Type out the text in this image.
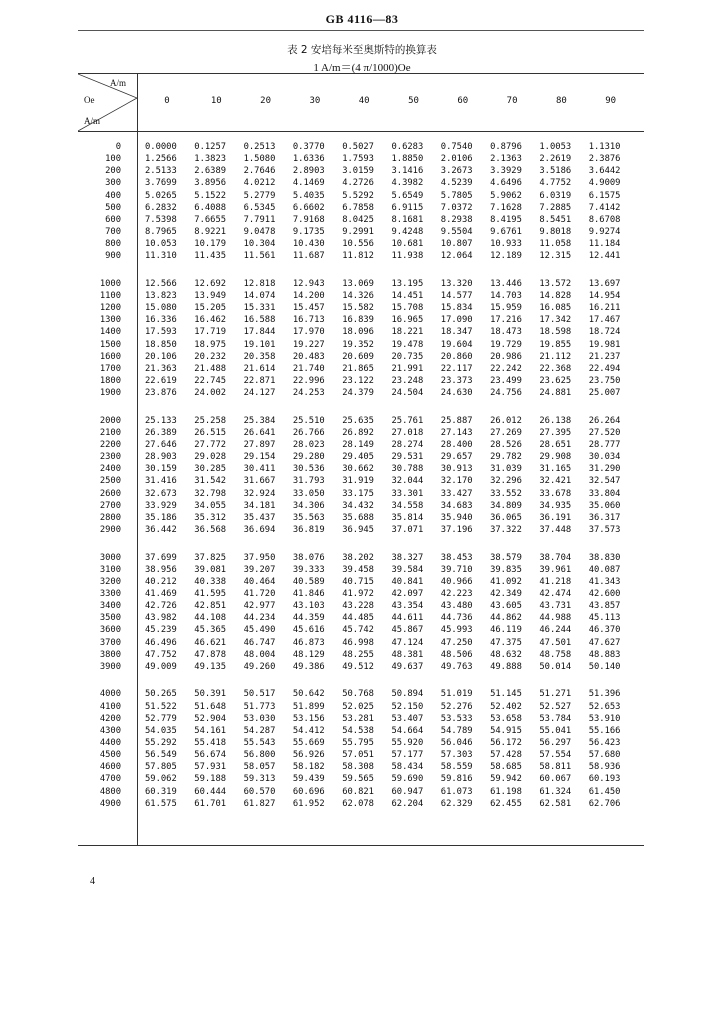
GB 4116—83
表 2 安培每米至奥斯特的换算表
1 A/m＝(4 π/1000)Oe
A/m
Oe
A/m
0	10	20	30	40	50	60	70	80	90
0	0.0000	0.1257	0.2513	0.3770	0.5027	0.6283	0.7540	0.8796	1.0053	1.1310
100	1.2566	1.3823	1.5080	1.6336	1.7593	1.8850	2.0106	2.1363	2.2619	2.3876
200	2.5133	2.6389	2.7646	2.8903	3.0159	3.1416	3.2673	3.3929	3.5186	3.6442
300	3.7699	3.8956	4.0212	4.1469	4.2726	4.3982	4.5239	4.6496	4.7752	4.9009
400	5.0265	5.1522	5.2779	5.4035	5.5292	5.6549	5.7805	5.9062	6.0319	6.1575
500	6.2832	6.4088	6.5345	6.6602	6.7858	6.9115	7.0372	7.1628	7.2885	7.4142
600	7.5398	7.6655	7.7911	7.9168	8.0425	8.1681	8.2938	8.4195	8.5451	8.6708
700	8.7965	8.9221	9.0478	9.1735	9.2991	9.4248	9.5504	9.6761	9.8018	9.9274
800	10.053	10.179	10.304	10.430	10.556	10.681	10.807	10.933	11.058	11.184
900	11.310	11.435	11.561	11.687	11.812	11.938	12.064	12.189	12.315	12.441
1000	12.566	12.692	12.818	12.943	13.069	13.195	13.320	13.446	13.572	13.697
1100	13.823	13.949	14.074	14.200	14.326	14.451	14.577	14.703	14.828	14.954
1200	15.080	15.205	15.331	15.457	15.582	15.708	15.834	15.959	16.085	16.211
1300	16.336	16.462	16.588	16.713	16.839	16.965	17.090	17.216	17.342	17.467
1400	17.593	17.719	17.844	17.970	18.096	18.221	18.347	18.473	18.598	18.724
1500	18.850	18.975	19.101	19.227	19.352	19.478	19.604	19.729	19.855	19.981
1600	20.106	20.232	20.358	20.483	20.609	20.735	20.860	20.986	21.112	21.237
1700	21.363	21.488	21.614	21.740	21.865	21.991	22.117	22.242	22.368	22.494
1800	22.619	22.745	22.871	22.996	23.122	23.248	23.373	23.499	23.625	23.750
1900	23.876	24.002	24.127	24.253	24.379	24.504	24.630	24.756	24.881	25.007
2000	25.133	25.258	25.384	25.510	25.635	25.761	25.887	26.012	26.138	26.264
2100	26.389	26.515	26.641	26.766	26.892	27.018	27.143	27.269	27.395	27.520
2200	27.646	27.772	27.897	28.023	28.149	28.274	28.400	28.526	28.651	28.777
2300	28.903	29.028	29.154	29.280	29.405	29.531	29.657	29.782	29.908	30.034
2400	30.159	30.285	30.411	30.536	30.662	30.788	30.913	31.039	31.165	31.290
2500	31.416	31.542	31.667	31.793	31.919	32.044	32.170	32.296	32.421	32.547
2600	32.673	32.798	32.924	33.050	33.175	33.301	33.427	33.552	33.678	33.804
2700	33.929	34.055	34.181	34.306	34.432	34.558	34.683	34.809	34.935	35.060
2800	35.186	35.312	35.437	35.563	35.688	35.814	35.940	36.065	36.191	36.317
2900	36.442	36.568	36.694	36.819	36.945	37.071	37.196	37.322	37.448	37.573
3000	37.699	37.825	37.950	38.076	38.202	38.327	38.453	38.579	38.704	38.830
3100	38.956	39.081	39.207	39.333	39.458	39.584	39.710	39.835	39.961	40.087
3200	40.212	40.338	40.464	40.589	40.715	40.841	40.966	41.092	41.218	41.343
3300	41.469	41.595	41.720	41.846	41.972	42.097	42.223	42.349	42.474	42.600
3400	42.726	42.851	42.977	43.103	43.228	43.354	43.480	43.605	43.731	43.857
3500	43.982	44.108	44.234	44.359	44.485	44.611	44.736	44.862	44.988	45.113
3600	45.239	45.365	45.490	45.616	45.742	45.867	45.993	46.119	46.244	46.370
3700	46.496	46.621	46.747	46.873	46.998	47.124	47.250	47.375	47.501	47.627
3800	47.752	47.878	48.004	48.129	48.255	48.381	48.506	48.632	48.758	48.883
3900	49.009	49.135	49.260	49.386	49.512	49.637	49.763	49.888	50.014	50.140
4000	50.265	50.391	50.517	50.642	50.768	50.894	51.019	51.145	51.271	51.396
4100	51.522	51.648	51.773	51.899	52.025	52.150	52.276	52.402	52.527	52.653
4200	52.779	52.904	53.030	53.156	53.281	53.407	53.533	53.658	53.784	53.910
4300	54.035	54.161	54.287	54.412	54.538	54.664	54.789	54.915	55.041	55.166
4400	55.292	55.418	55.543	55.669	55.795	55.920	56.046	56.172	56.297	56.423
4500	56.549	56.674	56.800	56.926	57.051	57.177	57.303	57.428	57.554	57.680
4600	57.805	57.931	58.057	58.182	58.308	58.434	58.559	58.685	58.811	58.936
4700	59.062	59.188	59.313	59.439	59.565	59.690	59.816	59.942	60.067	60.193
4800	60.319	60.444	60.570	60.696	60.821	60.947	61.073	61.198	61.324	61.450
4900	61.575	61.701	61.827	61.952	62.078	62.204	62.329	62.455	62.581	62.706
4
